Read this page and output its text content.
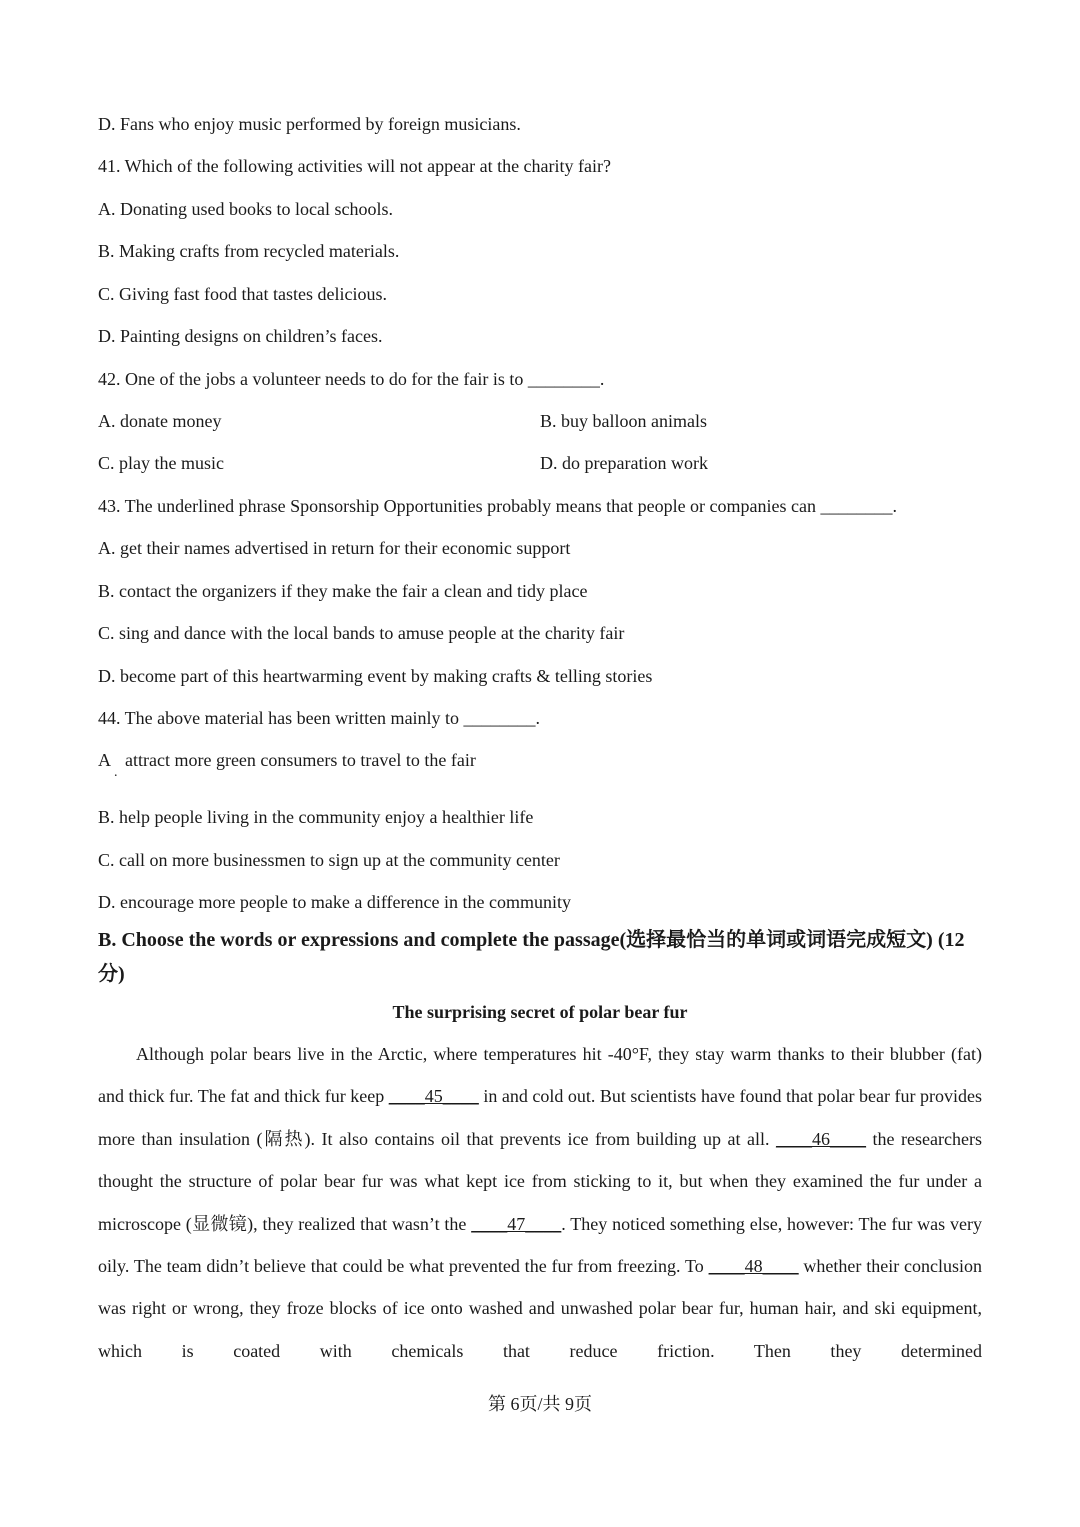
D. Fans who enjoy music performed by foreign musicians.
41. Which of the following activities will not appear at the charity fair?
A. Donating used books to local schools.
B. Making crafts from recycled materials.
C. Giving fast food that tastes delicious.
D. Painting designs on children’s faces.
42. One of the jobs a volunteer needs to do for the fair is to ________.
A. donate money	B. buy balloon animals
C. play the music	D. do preparation work
43. The underlined phrase Sponsorship Opportunities probably means that people or companies can ________.
A. get their names advertised in return for their economic support
B. contact the organizers if they make the fair a clean and tidy place
C. sing and dance with the local bands to amuse people at the charity fair
D. become part of this heartwarming event by making crafts & telling stories
44. The above material has been written mainly to ________.
A
.
attract more green consumers to travel to the fair
B. help people living in the community enjoy a healthier life
C. call on more businessmen to sign up at the community center
D. encourage more people to make a difference in the community
B. Choose the words or expressions and complete the passage(选择最恰当的单词或词语完成短文) (12 分)
The surprising secret of polar bear fur
Although polar bears live in the Arctic, where temperatures hit -40°F, they stay warm thanks to their blubber (fat) and thick fur. The fat and thick fur keep ____45____ in and cold out. But scientists have found that polar bear fur provides more than insulation (隔热). It also contains oil that prevents ice from building up at all. ____46____ the researchers thought the structure of polar bear fur was what kept ice from sticking to it, but when they examined the fur under a microscope (显微镜), they realized that wasn’t the ____47____. They noticed something else, however: The fur was very oily. The team didn’t believe that could be what prevented the fur from freezing. To ____48____ whether their conclusion was right or wrong, they froze blocks of ice onto washed and unwashed polar bear fur, human hair, and ski equipment, which is coated with chemicals that reduce friction. Then they determined
第 6页/共 9页
